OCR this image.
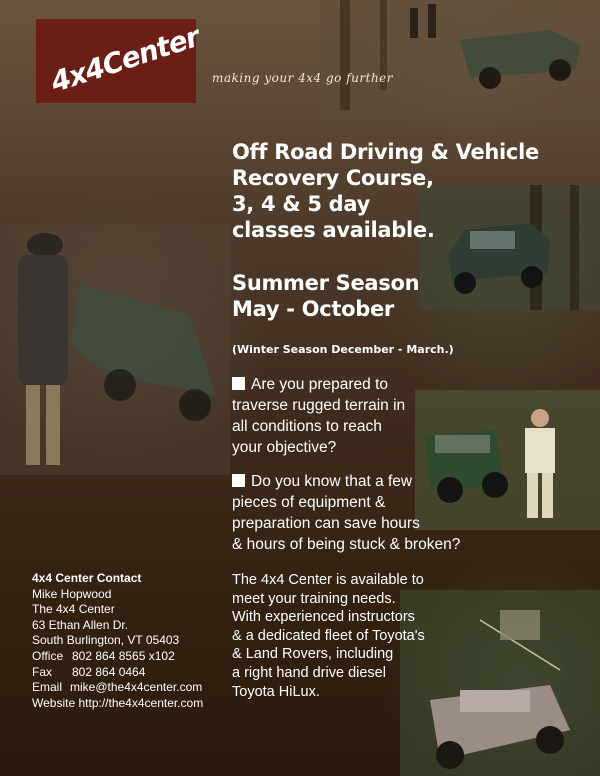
4x4Center making your 4x4 go further
Off Road Driving & Vehicle
Recovery Course,
3, 4 & 5 day
classes available.
Summer Season
May - October
(Winter Season December - March.)
Are you prepared to
traverse rugged terrain in
all conditions to reach
your objective?
Do you know that a few
pieces of equipment &
preparation can save hours
& hours of being stuck & broken?
4x4 Center Contact
Mike Hopwood
The 4x4 Center
63 Ethan Allen Dr.
South Burlington, VT 05403
Office 802 864 8565 x102
Fax 802 864 0464
Email mike@the4x4center.com
Website http://the4x4center.com
The 4x4 Center is available to
meet your training needs.
With experienced instructors
& a dedicated fleet of Toyota's
& Land Rovers, including
a right hand drive diesel
Toyota HiLux.
